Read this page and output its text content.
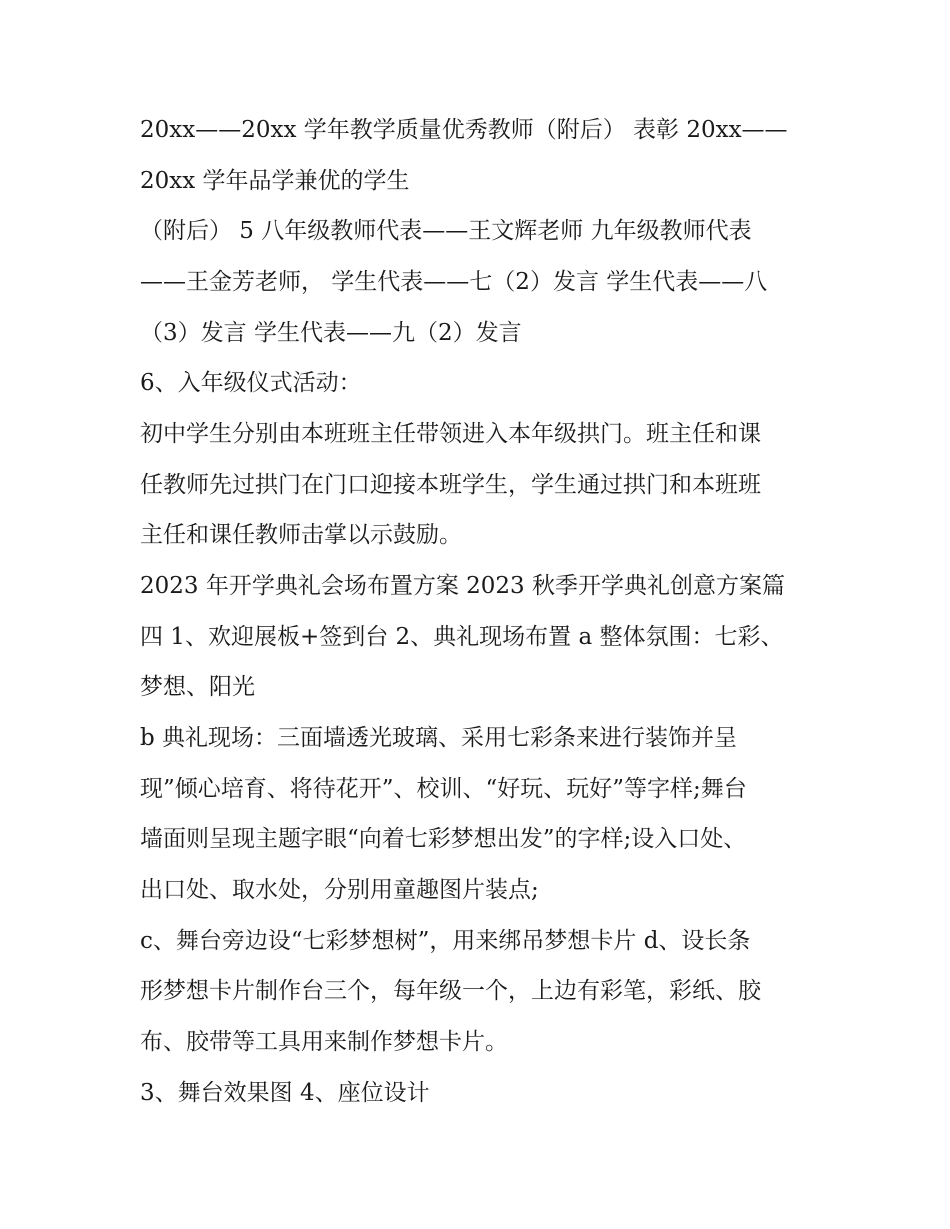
20xx——20xx 学年教学质量优秀教师（附后） 表彰 20xx——
20xx 学年品学兼优的学生
（附后） 5 八年级教师代表——王文辉老师 九年级教师代表
——王金芳老师， 学生代表——七（2）发言 学生代表——八
（3）发言 学生代表——九（2）发言
6、入年级仪式活动：
初中学生分别由本班班主任带领进入本年级拱门。班主任和课
任教师先过拱门在门口迎接本班学生，学生通过拱门和本班班
主任和课任教师击掌以示鼓励。
2023 年开学典礼会场布置方案 2023 秋季开学典礼创意方案篇
四 1、欢迎展板+签到台 2、典礼现场布置 a 整体氛围：七彩、
梦想、阳光
b 典礼现场：三面墙透光玻璃、采用七彩条来进行装饰并呈
现”倾心培育、将待花开”、校训、“好玩、玩好”等字样;舞台
墙面则呈现主题字眼“向着七彩梦想出发”的字样;设入口处、
出口处、取水处，分别用童趣图片装点;
c、舞台旁边设“七彩梦想树”，用来绑吊梦想卡片 d、设长条
形梦想卡片制作台三个，每年级一个，上边有彩笔，彩纸、胶
布、胶带等工具用来制作梦想卡片。
3、舞台效果图 4、座位设计
